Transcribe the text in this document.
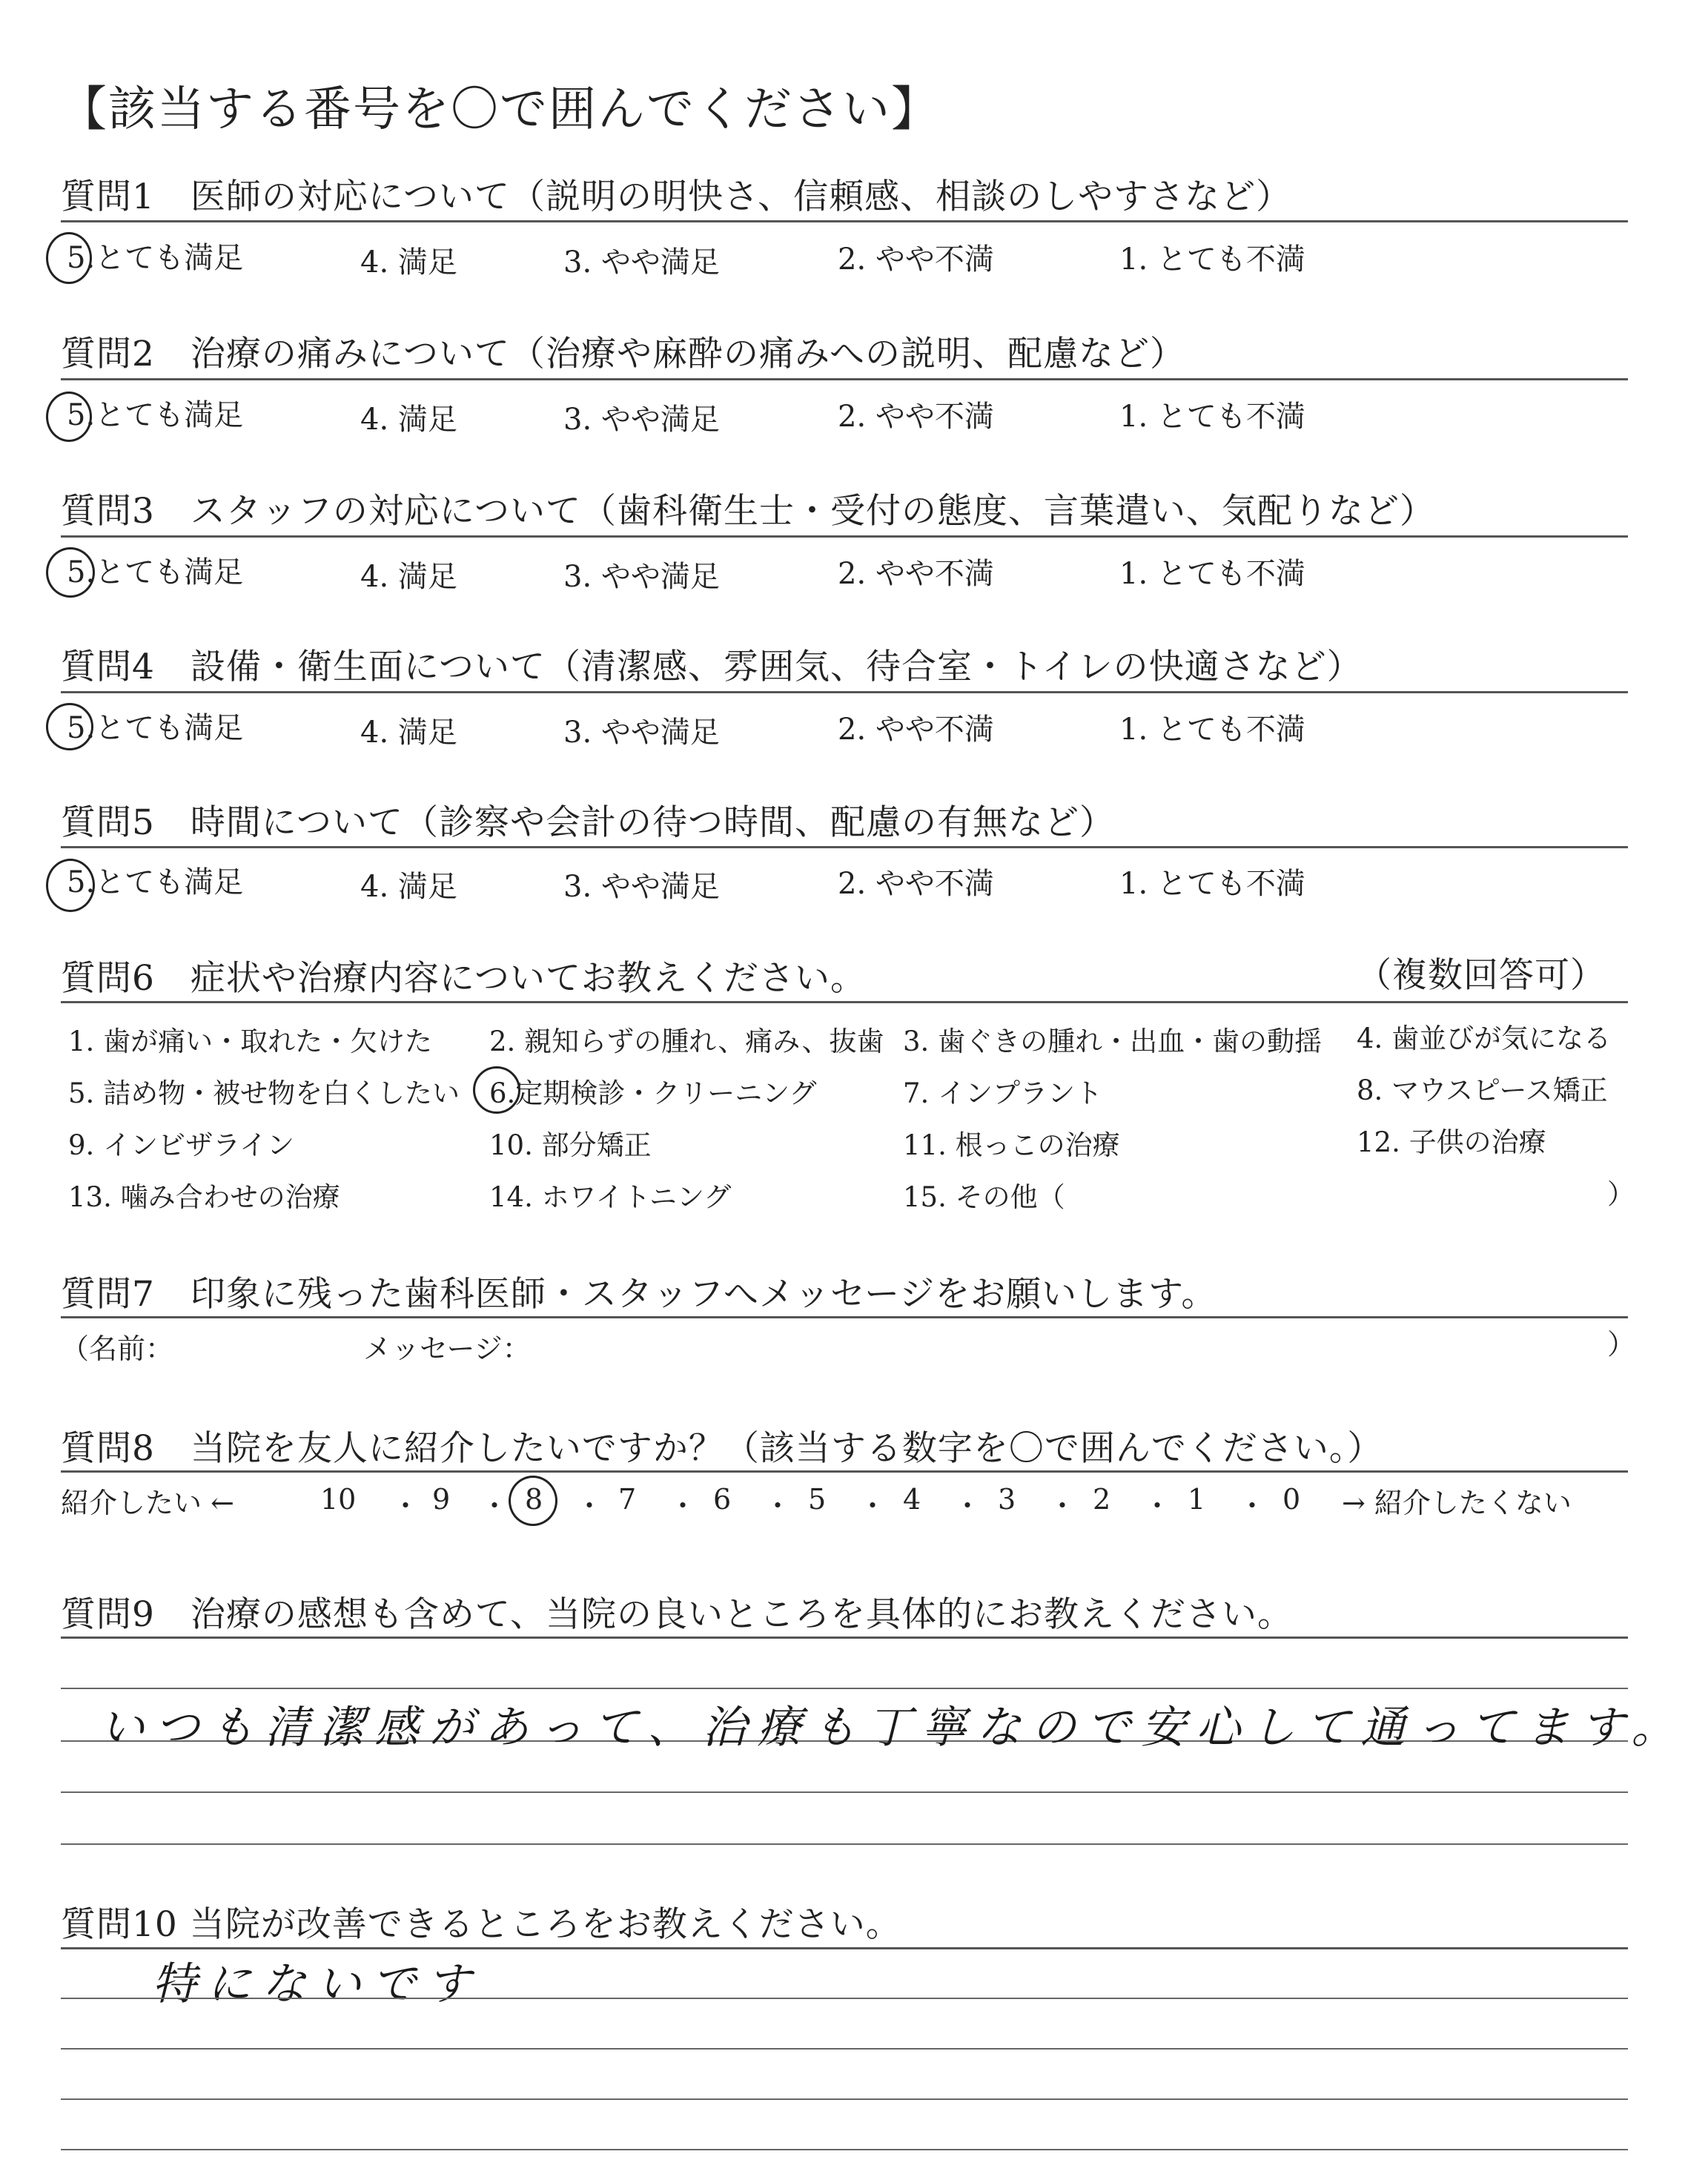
【該当する番号を〇で囲んでください】
質問1　医師の対応について（説明の明快さ、信頼感、相談のしやすさなど）
5.とても満足	4. 満足	3. やや満足	2. やや不満	1. とても不満
質問2　治療の痛みについて（治療や麻酔の痛みへの説明、配慮など）
5.とても満足	4. 満足	3. やや満足	2. やや不満	1. とても不満
質問3　スタッフの対応について（歯科衛生士・受付の態度、言葉遣い、気配りなど）
5.とても満足	4. 満足	3. やや満足	2. やや不満	1. とても不満
質問4　設備・衛生面について（清潔感、雰囲気、待合室・トイレの快適さなど）
5.とても満足	4. 満足	3. やや満足	2. やや不満	1. とても不満
質問5　時間について（診察や会計の待つ時間、配慮の有無など）
5.とても満足	4. 満足	3. やや満足	2. やや不満	1. とても不満
質問6　症状や治療内容についてお教えください。	（複数回答可）
1. 歯が痛い・取れた・欠けた 2. 親知らずの腫れ、痛み、抜歯 3. 歯ぐきの腫れ・出血・歯の動揺 4. 歯並びが気になる
5. 詰め物・被せ物を白くしたい 6.定期検診・クリーニング	7. インプラント	8. マウスピース矯正
9. インビザライン	10. 部分矯正	11. 根っこの治療	12. 子供の治療
13. 噛み合わせの治療	14. ホワイトニング	15. その他（	）
質問7　印象に残った歯科医師・スタッフへメッセージをお願いします。
（名前：	メッセージ：	）
質問8　当院を友人に紹介したいですか？（該当する数字を〇で囲んでください。）
紹介したい ←	10 ・ 9 ・ 8 ・ 7 ・ 6 ・ 5 ・ 4 ・ 3 ・ 2 ・ 1 ・ 0 → 紹介したくない
質問9　治療の感想も含めて、当院の良いところを具体的にお教えください。
いつも清潔感があって、治療も丁寧なので安心して通ってます。
質問10 当院が改善できるところをお教えください。
特にないです
